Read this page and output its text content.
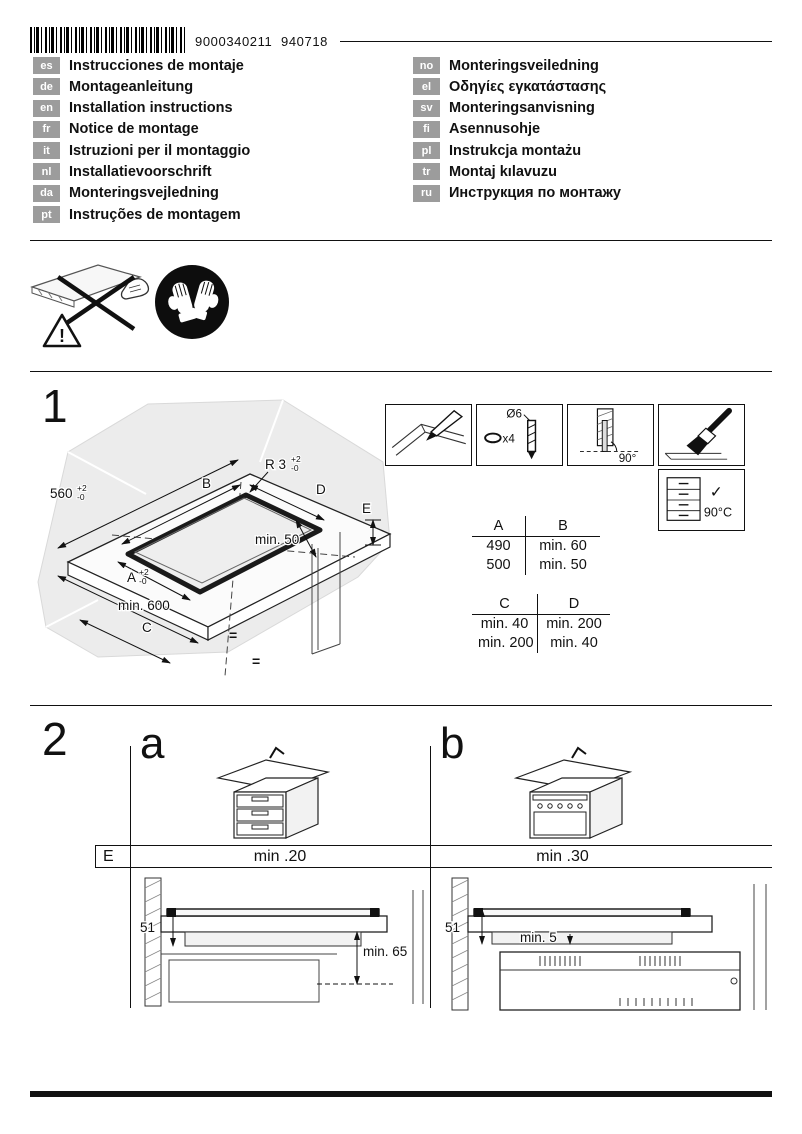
9000340211 940718
es	Instrucciones de montaje
de	Montageanleitung
en	Installation instructions
fr	Notice de montage
it	Istruzioni per il montaggio
nl	Installatievoorschrift
da	Monteringsvejledning
pt	Instruções de montagem
no	Monteringsveiledning
el	Οδηγίες εγκατάστασης
sv	Monteringsanvisning
fi	Asennusohje
pl	Instrukcja montażu
tr	Montaj kılavuzu
ru	Инструкция по монтажу
!
1
560 +2
-0
R 3 +2
-0
B	D
E
min. 50
A +2
-0
min. 600
C	=
=
Ø6
x4
90°
✓
90°C
A	B
490	min. 60
500	min. 50
C	D
min. 40	min. 200
min. 200	min. 40
2 a	b
E	min .20	min .30
51
min. 65
51
min. 5
